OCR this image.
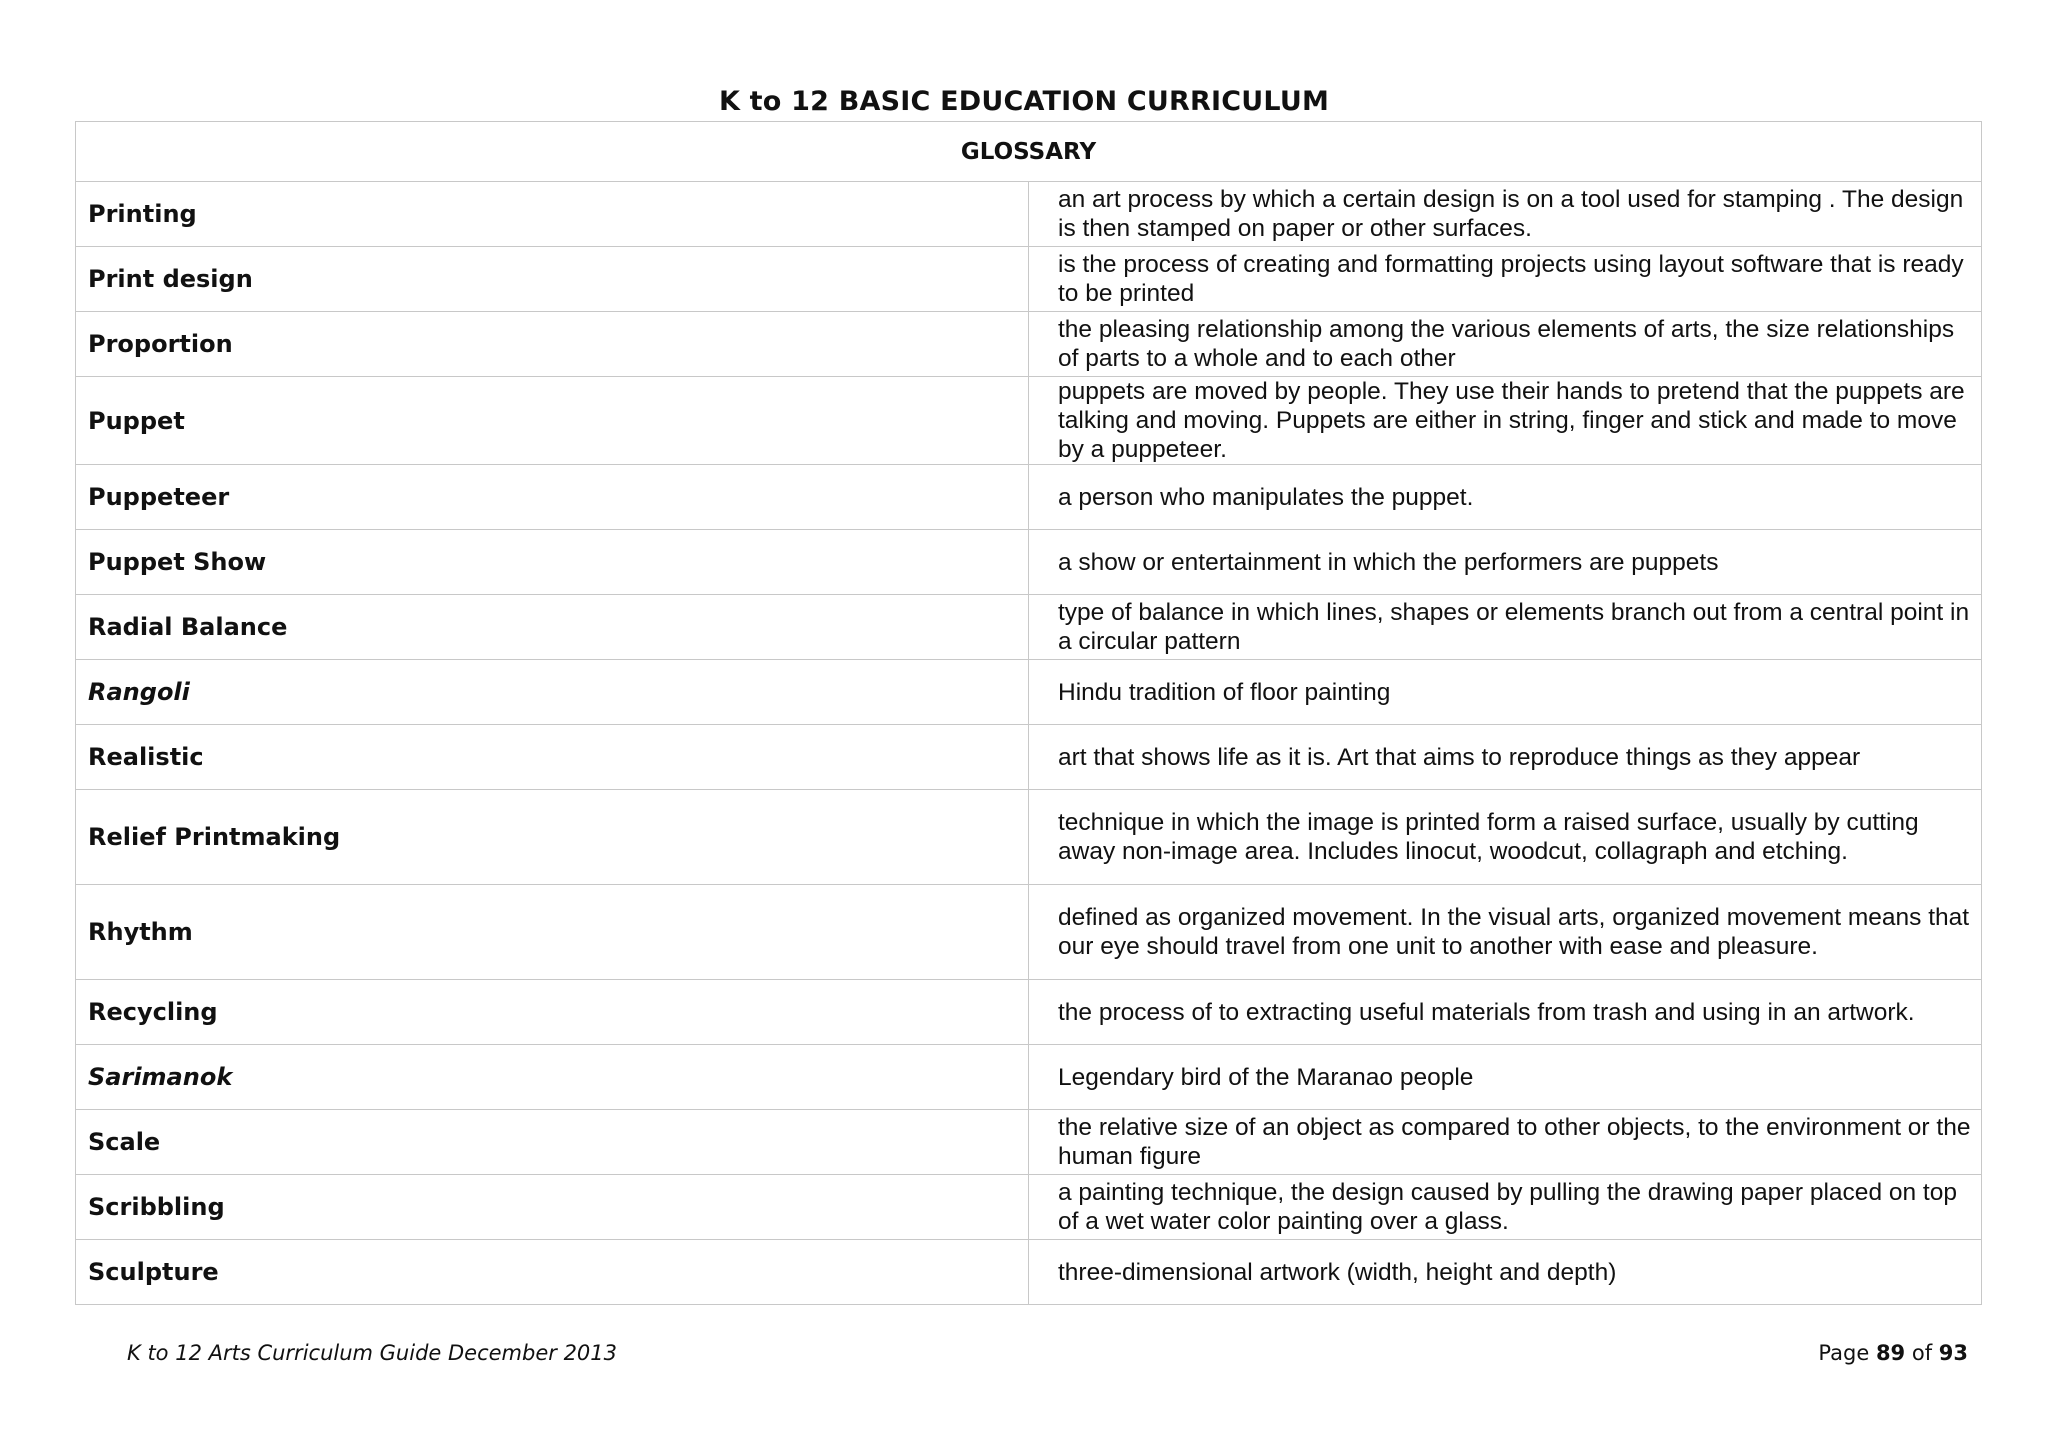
K to 12 BASIC EDUCATION CURRICULUM
GLOSSARY	
Printing	an art process by which a certain design is on a tool used for stamping . The design is then stamped on paper or other surfaces.
Print design	is the process of creating and formatting projects using layout software that is ready to be printed
Proportion	the pleasing relationship among the various elements of arts, the size relationships of parts to a whole and to each other
Puppet	puppets are moved by people. They use their hands to pretend that the puppets are talking and moving. Puppets are either in string, finger and stick and made to move by a puppeteer.
Puppeteer	a person who manipulates the puppet.
Puppet Show	a show or entertainment in which the performers are puppets
Radial Balance	type of balance in which lines, shapes or elements branch out from a central point in a circular pattern
Rangoli	Hindu tradition of floor painting
Realistic	art that shows life as it is. Art that aims to reproduce things as they appear
Relief Printmaking	technique in which the image is printed form a raised surface, usually by cutting away non-image area. Includes linocut, woodcut, collagraph and etching.
Rhythm	defined as organized movement. In the visual arts, organized movement means that our eye should travel from one unit to another with ease and pleasure.
Recycling	the process of to extracting useful materials from trash and using in an artwork.
Sarimanok	Legendary bird of the Maranao people
Scale	the relative size of an object as compared to other objects, to the environment or the human figure
Scribbling	a painting technique, the design caused by pulling the drawing paper placed on top of a wet water color painting over a glass.
Sculpture	three-dimensional artwork (width, height and depth)
K to 12 Arts Curriculum Guide December 2013	Page 89 of 93
